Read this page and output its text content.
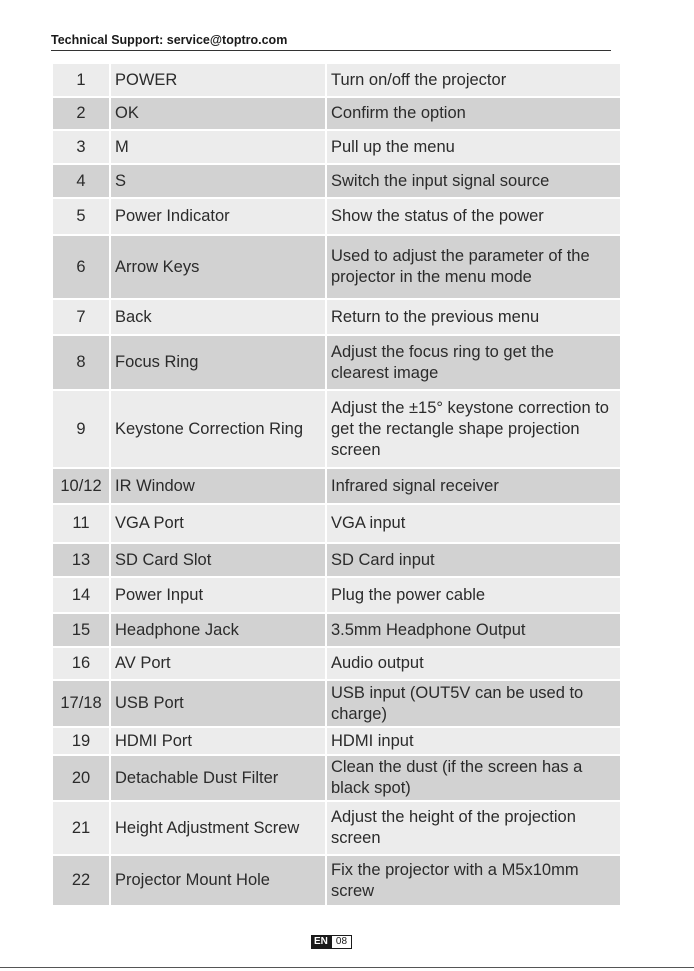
Technical Support: service@toptro.com
1	POWER	Turn on/off the projector
2	OK	Confirm the option
3	M	Pull up the menu
4	S	Switch the input signal source
5	Power Indicator	Show the status of the power
6	Arrow Keys	Used to adjust the parameter of the projector in the menu mode
7	Back	Return to the previous menu
8	Focus Ring	Adjust the focus ring to get the clearest image
9	Keystone Correction Ring	Adjust the ±15° keystone correction to get the rectangle shape projection screen
10/12	IR Window	Infrared signal receiver
11	VGA Port	VGA input
13	SD Card Slot	SD Card input
14	Power Input	Plug the power cable
15	Headphone Jack	3.5mm Headphone Output
16	AV Port	Audio output
17/18	USB Port	USB input (OUT5V can be used to charge)
19	HDMI Port	HDMI input
20	Detachable Dust Filter	Clean the dust (if the screen has a black spot)
21	Height Adjustment Screw	Adjust the height of the projection screen
22	Projector Mount Hole	Fix the projector with a M5x10mm screw
EN 08
